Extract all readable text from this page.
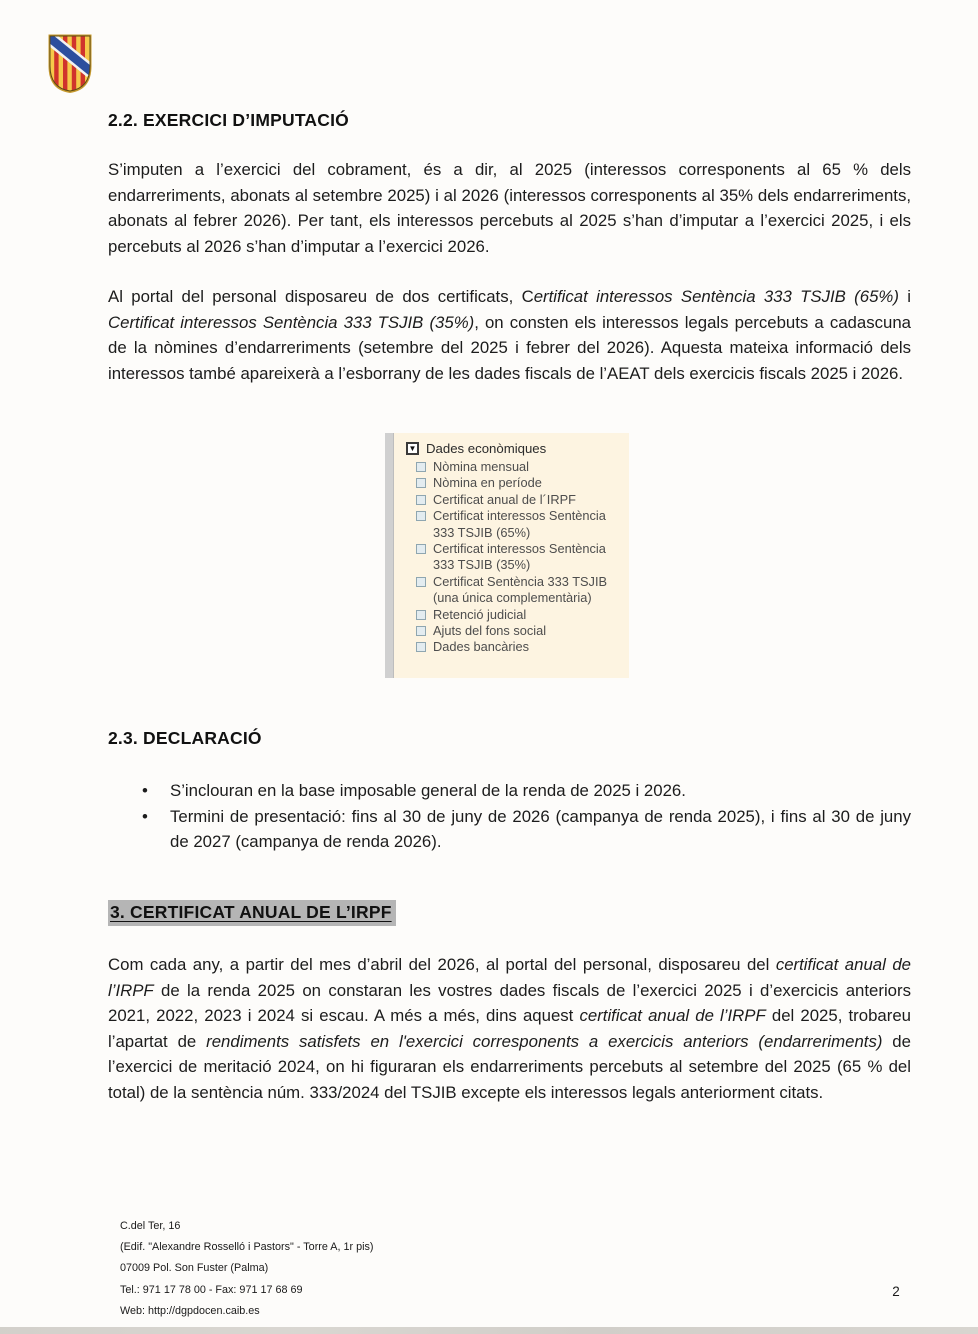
2.2. EXERCICI D’IMPUTACIÓ

S’imputen a l’exercici del cobrament, és a dir, al 2025 (interessos corresponents al 65 % dels endarreriments, abonats al setembre 2025) i al 2026 (interessos corresponents al 35% dels endarreriments, abonats al febrer 2026). Per tant, els interessos percebuts al 2025 s’han d’imputar a l’exercici 2025, i els percebuts al 2026 s’han d’imputar a l’exercici 2026.

Al portal del personal disposareu de dos certificats, Certificat interessos Sentència 333 TSJIB (65%) i Certificat interessos Sentència 333 TSJIB (35%), on consten els interessos legals percebuts a cadascuna de la nòmines d’endarreriments (setembre del 2025 i febrer del 2026). Aquesta mateixa informació dels interessos també apareixerà a l’esborrany de les dades fiscals de l’AEAT dels exercicis fiscals 2025 i 2026.

▼ Dades econòmiques
Nòmina mensual
Nòmina en període
Certificat anual de l´IRPF
Certificat interessos Sentència 333 TSJIB (65%)
Certificat interessos Sentència 333 TSJIB (35%)
Certificat Sentència 333 TSJIB (una única complementària)
Retenció judicial
Ajuts del fons social
Dades bancàries
2.3. DECLARACIÓ
• S’inclouran en la base imposable general de la renda de 2025 i 2026.
• Termini de presentació: fins al 30 de juny de 2026 (campanya de renda 2025), i fins al 30 de juny de 2027 (campanya de renda 2026).
3. CERTIFICAT ANUAL DE L’IRPF

Com cada any, a partir del mes d’abril del 2026, al portal del personal, disposareu del certificat anual de l’IRPF de la renda 2025 on constaran les vostres dades fiscals de l’exercici 2025 i d’exercicis anteriors 2021, 2022, 2023 i 2024 si escau. A més a més, dins aquest certificat anual de l’IRPF del 2025, trobareu l’apartat de rendiments satisfets en l'exercici corresponents a exercicis anteriors (endarreriments) de l’exercici de meritació 2024, on hi figuraran els endarreriments percebuts al setembre del 2025 (65 % del total) de la sentència núm. 333/2024 del TSJIB excepte els interessos legals anteriorment citats.

C.del Ter, 16
(Edif. "Alexandre Rosselló i Pastors" - Torre A, 1r pis)
07009 Pol. Son Fuster (Palma)
Tel.: 971 17 78 00 - Fax: 971 17 68 69
Web: http://dgpdocen.caib.es
2
